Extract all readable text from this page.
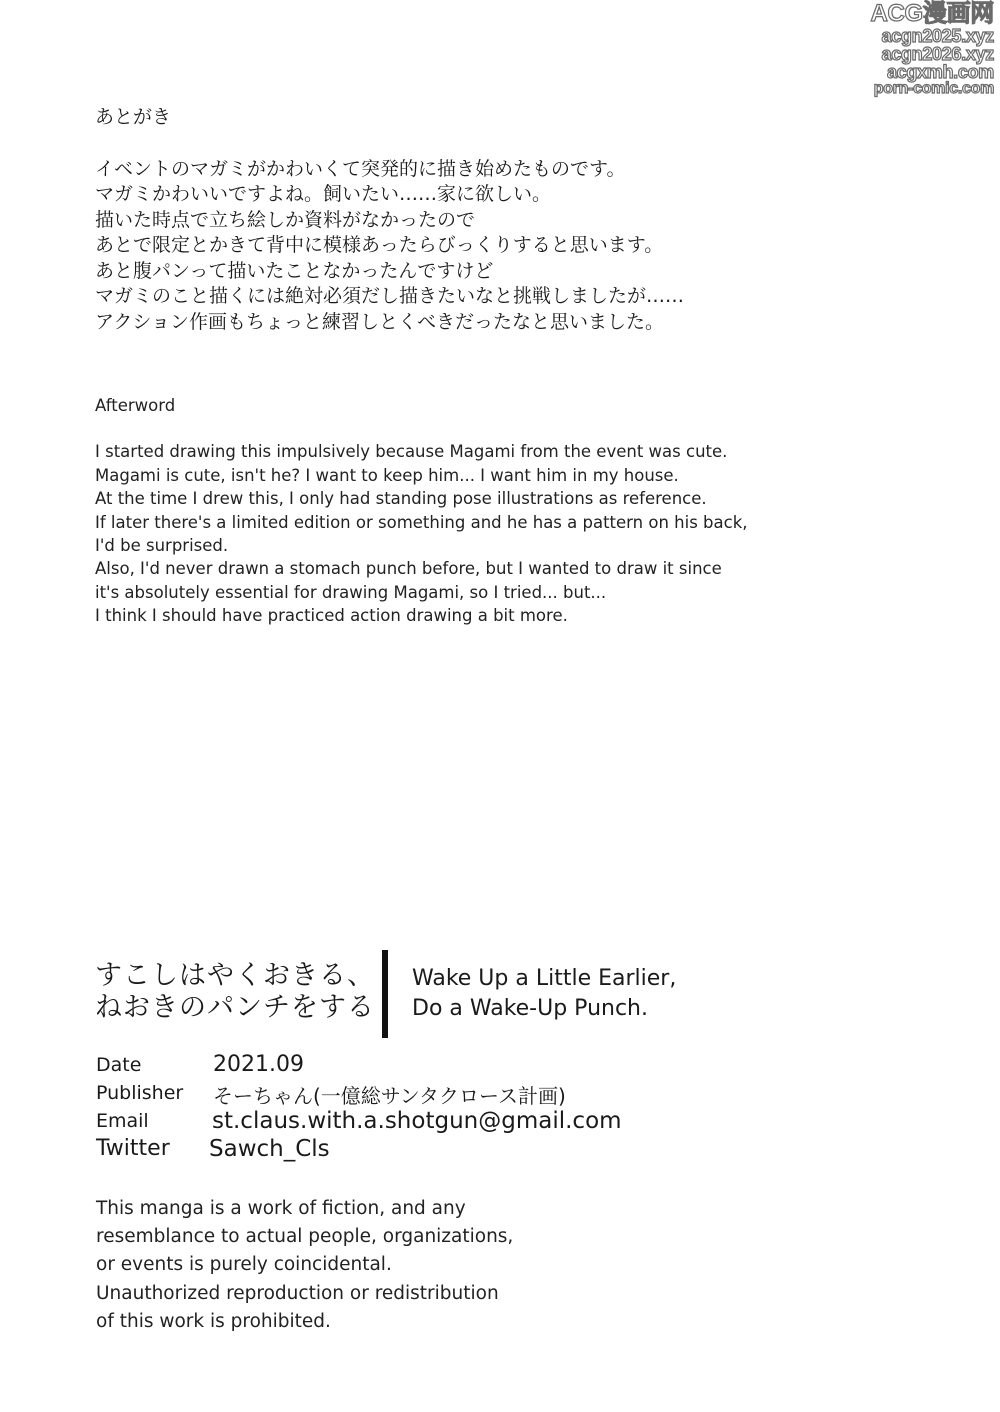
ACG漫画网
acgn2025.xyz
acgn2026.xyz
acgxmh.com
porn-comic.com
あとがき
イベントのマガミがかわいくて突発的に描き始めたものです。
マガミかわいいですよね。飼いたい……家に欲しい。
描いた時点で立ち絵しか資料がなかったので
あとで限定とかきて背中に模様あったらびっくりすると思います。
あと腹パンって描いたことなかったんですけど
マガミのこと描くには絶対必須だし描きたいなと挑戦しましたが……
アクション作画もちょっと練習しとくべきだったなと思いました。
Afterword
I started drawing this impulsively because Magami from the event was cute.
Magami is cute, isn't he? I want to keep him... I want him in my house.
At the time I drew this, I only had standing pose illustrations as reference.
If later there's a limited edition or something and he has a pattern on his back,
I'd be surprised.
Also, I'd never drawn a stomach punch before, but I wanted to draw it since
it's absolutely essential for drawing Magami, so I tried... but...
I think I should have practiced action drawing a bit more.
すこしはやくおきる、
ねおきのパンチをする
Wake Up a Little Earlier,
Do a Wake-Up Punch.
Date	2021.09
Publisher そーちゃん(一億総サンタクロース計画)
Email	st.claus.with.a.shotgun@gmail.com
Twitter Sawch_Cls
This manga is a work of fiction, and any
resemblance to actual people, organizations,
or events is purely coincidental.
Unauthorized reproduction or redistribution
of this work is prohibited.
